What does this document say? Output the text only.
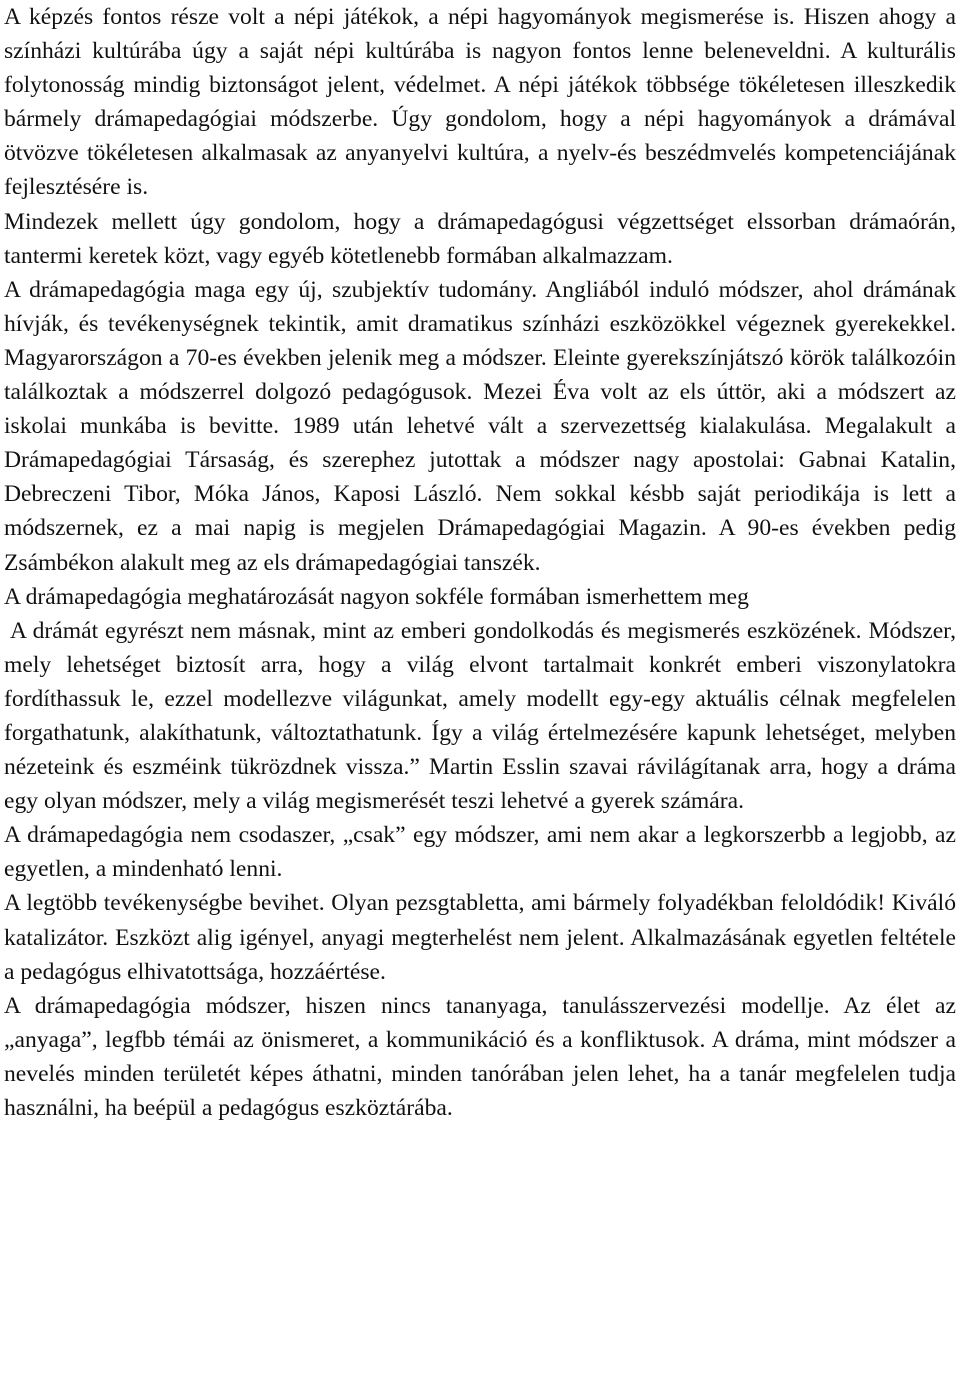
A képzés fontos része volt a népi játékok, a népi hagyományok megismerése is. Hiszen ahogy a színházi kultúrába úgy a saját népi kultúrába is nagyon fontos lenne beleneveldni. A kulturális folytonosság mindig biztonságot jelent, védelmet. A népi játékok többsége tökéletesen illeszkedik bármely drámapedagógiai módszerbe. Úgy gondolom, hogy a népi hagyományok a drámával ötvözve tökéletesen alkalmasak az anyanyelvi kultúra, a nyelv-és beszédmvelés kompetenciájának fejlesztésére is.

Mindezek mellett úgy gondolom, hogy a drámapedagógusi végzettséget elssorban drámaórán, tantermi keretek közt, vagy egyéb kötetlenebb formában alkalmazzam.

A drámapedagógia maga egy új, szubjektív tudomány. Angliából induló módszer, ahol drámának hívják, és tevékenységnek tekintik, amit dramatikus színházi eszközökkel végeznek gyerekekkel. Magyarországon a 70-es években jelenik meg a módszer. Eleinte gyerekszínjátszó körök találkozóin találkoztak a módszerrel dolgozó pedagógusok. Mezei Éva volt az els úttör, aki a módszert az iskolai munkába is bevitte. 1989 után lehetvé vált a szervezettség kialakulása. Megalakult a Drámapedagógiai Társaság, és szerephez jutottak a módszer nagy apostolai: Gabnai Katalin, Debreczeni Tibor, Móka János, Kaposi László. Nem sokkal késbb saját periodikája is lett a módszernek, ez a mai napig is megjelen Drámapedagógiai Magazin. A 90-es években pedig Zsámbékon alakult meg az els drámapedagógiai tanszék.

A drámapedagógia meghatározását nagyon sokféle formában ismerhettem meg

A drámát egyrészt nem másnak, mint az emberi gondolkodás és megismerés eszközének. Módszer, mely lehetséget biztosít arra, hogy a világ elvont tartalmait konkrét emberi viszonylatokra fordíthassuk le, ezzel modellezve világunkat, amely modellt egy-egy aktuális célnak megfelelen forgathatunk, alakíthatunk, változtathatunk. Így a világ értelmezésére kapunk lehetséget, melyben nézeteink és eszméink tükrözdnek vissza.” Martin Esslin szavai rávilágítanak arra, hogy a dráma egy olyan módszer, mely a világ megismerését teszi lehetvé a gyerek számára.

A drámapedagógia nem csodaszer, „csak” egy módszer, ami nem akar a legkorszerbb a legjobb, az egyetlen, a mindenható lenni.

A legtöbb tevékenységbe bevihet. Olyan pezsgtabletta, ami bármely folyadékban feloldódik! Kiváló katalizátor. Eszközt alig igényel, anyagi megterhelést nem jelent. Alkalmazásának egyetlen feltétele a pedagógus elhivatottsága, hozzáértése.

A drámapedagógia módszer, hiszen nincs tananyaga, tanulásszervezési modellje. Az élet az „anyaga”, legfbb témái az önismeret, a kommunikáció és a konfliktusok. A dráma, mint módszer a nevelés minden területét képes áthatni, minden tanórában jelen lehet, ha a tanár megfelelen tudja használni, ha beépül a pedagógus eszköztárába.
